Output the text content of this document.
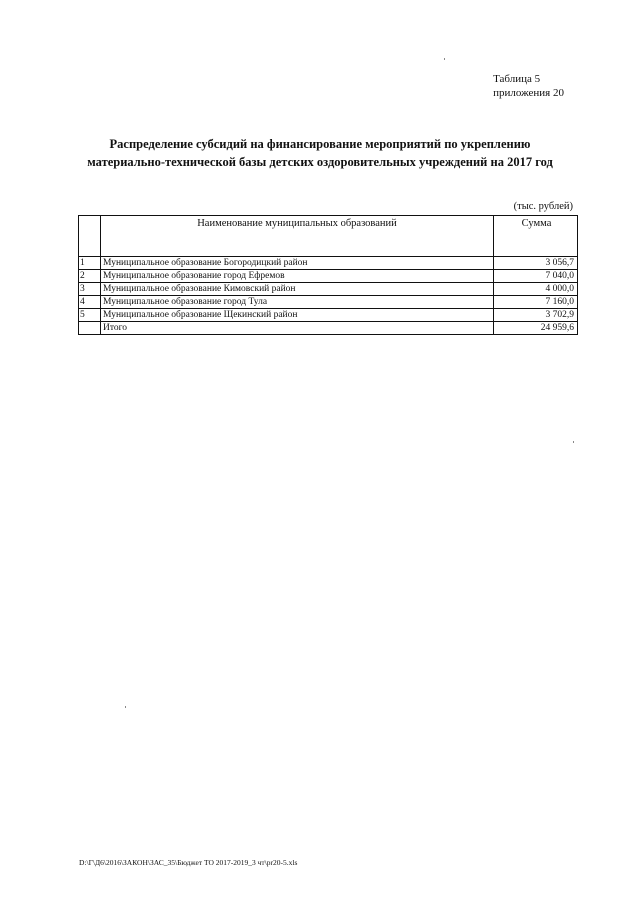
Таблица 5
приложения 20
Распределение субсидий на финансирование мероприятий по укреплению
материально-технической базы детских оздоровительных учреждений на 2017 год
(тыс. рублей)
	Наименование муниципальных образований	Сумма
1	Муниципальное образование Богородицкий район	3 056,7
2	Муниципальное образование город Ефремов	7 040,0
3	Муниципальное образование Кимовский район	4 000,0
4	Муниципальное образование город Тула	7 160,0
5	Муниципальное образование Щекинский район	3 702,9
	Итого	24 959,6
D:\Г\Д6\2016\ЗАКОН\ЗАС_35\Бюджет ТО 2017-2019_3 чт\pr20-5.xls
